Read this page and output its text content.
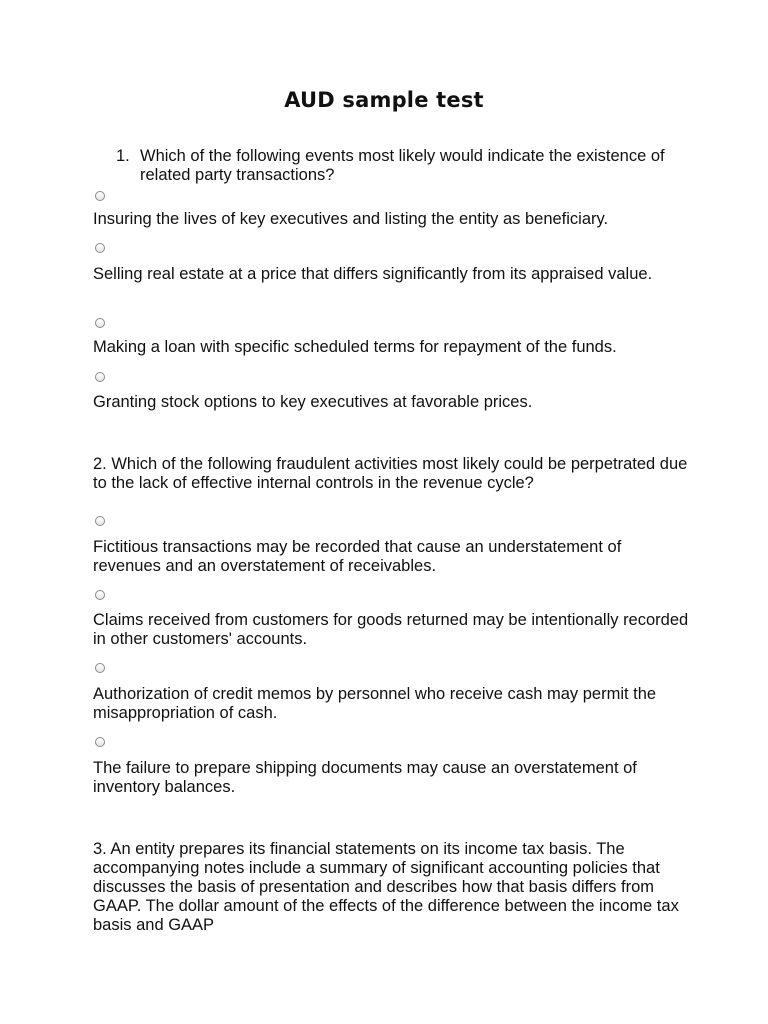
AUD sample test
1. Which of the following events most likely would indicate the existence of related party transactions?
Insuring the lives of key executives and listing the entity as beneficiary.
Selling real estate at a price that differs significantly from its appraised value.
Making a loan with specific scheduled terms for repayment of the funds.
Granting stock options to key executives at favorable prices.
2. Which of the following fraudulent activities most likely could be perpetrated due to the lack of effective internal controls in the revenue cycle?
Fictitious transactions may be recorded that cause an understatement of revenues and an overstatement of receivables.
Claims received from customers for goods returned may be intentionally recorded in other customers' accounts.
Authorization of credit memos by personnel who receive cash may permit the misappropriation of cash.
The failure to prepare shipping documents may cause an overstatement of inventory balances.
3. An entity prepares its financial statements on its income tax basis. The accompanying notes include a summary of significant accounting policies that discusses the basis of presentation and describes how that basis differs from GAAP. The dollar amount of the effects of the difference between the income tax basis and GAAP
